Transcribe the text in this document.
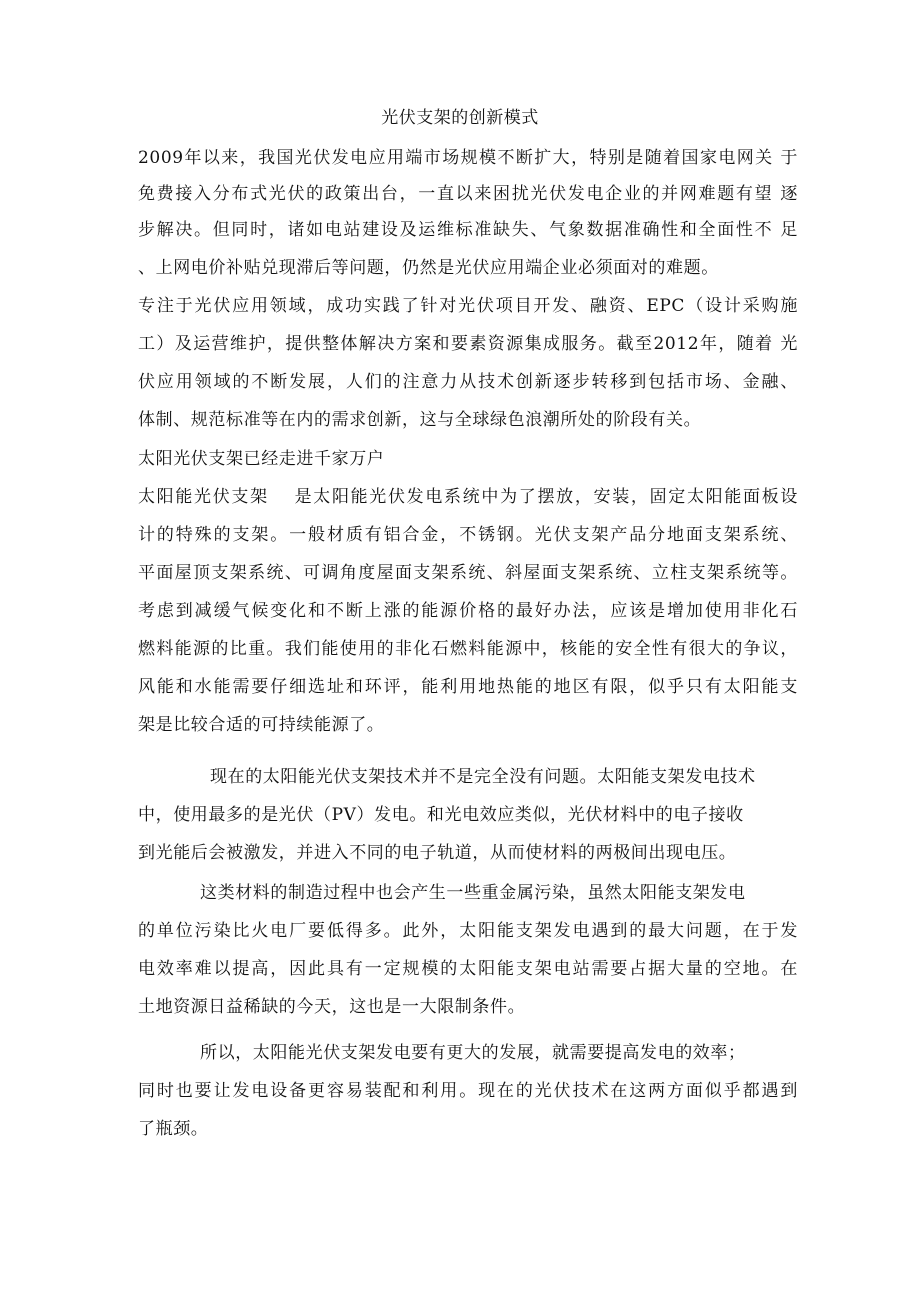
光伏支架的创新模式
2009年以来，我国光伏发电应用端市场规模不断扩大，特别是随着国家电网关 于
免费接入分布式光伏的政策出台，一直以来困扰光伏发电企业的并网难题有望 逐
步解决。但同时，诸如电站建设及运维标准缺失、气象数据准确性和全面性不 足
、上网电价补贴兑现滞后等问题，仍然是光伏应用端企业必须面对的难题。
专注于光伏应用领域，成功实践了针对光伏项目开发、融资、EPC（设计采购施
工）及运营维护，提供整体解决方案和要素资源集成服务。截至2012年，随着 光
伏应用领域的不断发展，人们的注意力从技术创新逐步转移到包括市场、金融、
体制、规范标准等在内的需求创新，这与全球绿色浪潮所处的阶段有关。
太阳光伏支架已经走进千家万户
太阳能光伏支架　 是太阳能光伏发电系统中为了摆放，安装，固定太阳能面板设
计的特殊的支架。一般材质有铝合金，不锈钢。光伏支架产品分地面支架系统、
平面屋顶支架系统、可调角度屋面支架系统、斜屋面支架系统、立柱支架系统等。
考虑到减缓气候变化和不断上涨的能源价格的最好办法，应该是增加使用非化石
燃料能源的比重。我们能使用的非化石燃料能源中，核能的安全性有很大的争议，
风能和水能需要仔细选址和环评，能利用地热能的地区有限，似乎只有太阳能支
架是比较合适的可持续能源了。
现在的太阳能光伏支架技术并不是完全没有问题。太阳能支架发电技术
中，使用最多的是光伏（PV）发电。和光电效应类似，光伏材料中的电子接收
到光能后会被激发，并进入不同的电子轨道，从而使材料的两极间出现电压。
这类材料的制造过程中也会产生一些重金属污染，虽然太阳能支架发电
的单位污染比火电厂要低得多。此外，太阳能支架发电遇到的最大问题，在于发
电效率难以提高，因此具有一定规模的太阳能支架电站需要占据大量的空地。在
土地资源日益稀缺的今天，这也是一大限制条件。
所以，太阳能光伏支架发电要有更大的发展，就需要提高发电的效率；
同时也要让发电设备更容易装配和利用。现在的光伏技术在这两方面似乎都遇到
了瓶颈。
